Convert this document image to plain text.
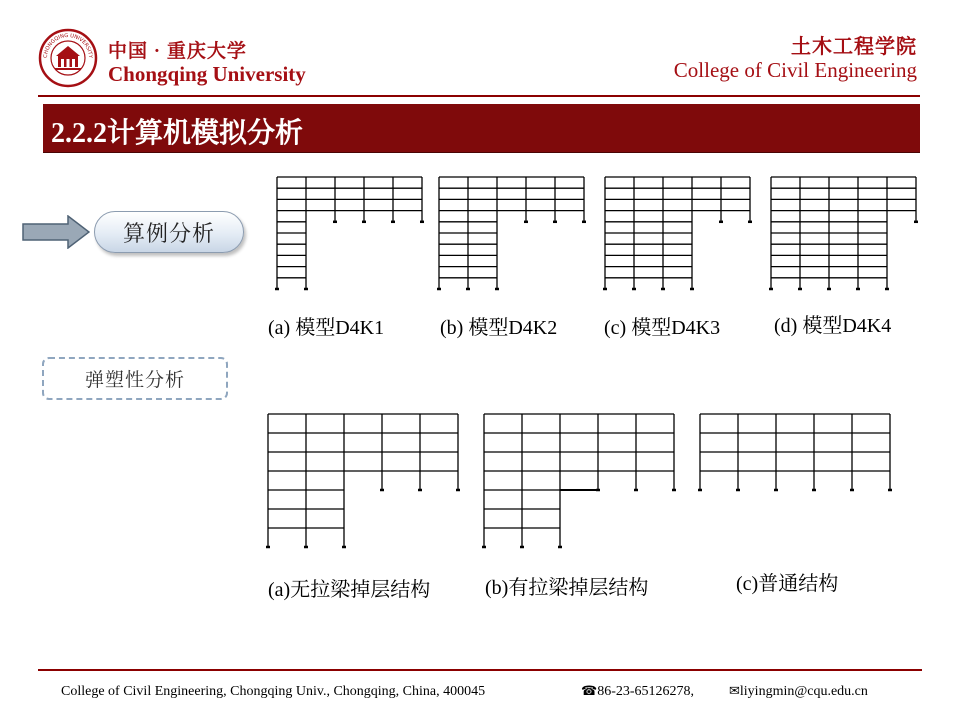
CHONGQING UNIVERSITY 中国 · 重庆大学
Chongqing University
土木工程学院
College of Civil Engineering
2.2.2计算机模拟分析
算例分析
弹塑性分析
(a) 模型D4K1	(b) 模型D4K2 (c) 模型D4K3	(d) 模型D4K4
(a)无拉梁掉层结构	(b)有拉梁掉层结构	(c)普通结构
College of Civil Engineering, Chongqing Univ., Chongqing, China, 400045	☎86-23-65126278,	✉liyingmin@cqu.edu.cn
